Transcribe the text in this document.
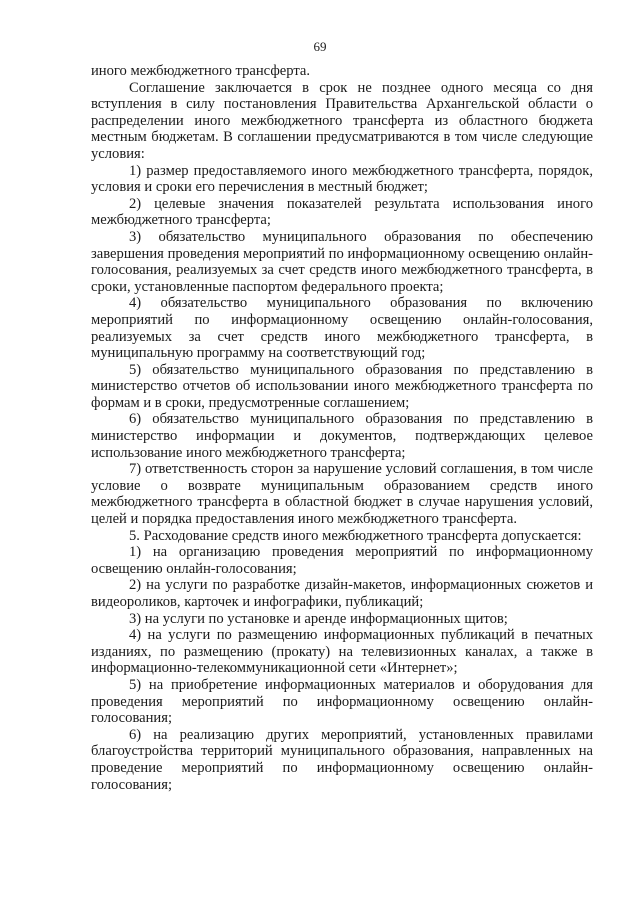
69

иного межбюджетного трансферта.

Соглашение заключается в срок не позднее одного месяца со дня вступления в силу постановления Правительства Архангельской области о распределении иного межбюджетного трансферта из областного бюджета местным бюджетам. В соглашении предусматриваются в том числе следующие условия:

1) размер предоставляемого иного межбюджетного трансферта, порядок, условия и сроки его перечисления в местный бюджет;

2) целевые значения показателей результата использования иного межбюджетного трансферта;

3) обязательство муниципального образования по обеспечению завершения проведения мероприятий по информационному освещению онлайн-голосования, реализуемых за счет средств иного межбюджетного трансферта, в сроки, установленные паспортом федерального проекта;

4) обязательство муниципального образования по включению мероприятий по информационному освещению онлайн-голосования, реализуемых за счет средств иного межбюджетного трансферта, в муниципальную программу на соответствующий год;

5) обязательство муниципального образования по представлению в министерство отчетов об использовании иного межбюджетного трансферта по формам и в сроки, предусмотренные соглашением;

6) обязательство муниципального образования по представлению в министерство информации и документов, подтверждающих целевое использование иного межбюджетного трансферта;

7) ответственность сторон за нарушение условий соглашения, в том числе условие о возврате муниципальным образованием средств иного межбюджетного трансферта в областной бюджет в случае нарушения условий, целей и порядка предоставления иного межбюджетного трансферта.

5. Расходование средств иного межбюджетного трансферта допускается:

1) на организацию проведения мероприятий по информационному освещению онлайн-голосования;

2) на услуги по разработке дизайн-макетов, информационных сюжетов и видеороликов, карточек и инфографики, публикаций;

3) на услуги по установке и аренде информационных щитов;

4) на услуги по размещению информационных публикаций в печатных изданиях, по размещению (прокату) на телевизионных каналах, а также в информационно-телекоммуникационной сети «Интернет»;

5) на приобретение информационных материалов и оборудования для проведения мероприятий по информационному освещению онлайн-голосования;

6) на реализацию других мероприятий, установленных правилами благоустройства территорий муниципального образования, направленных на проведение мероприятий по информационному освещению онлайн-голосования;
